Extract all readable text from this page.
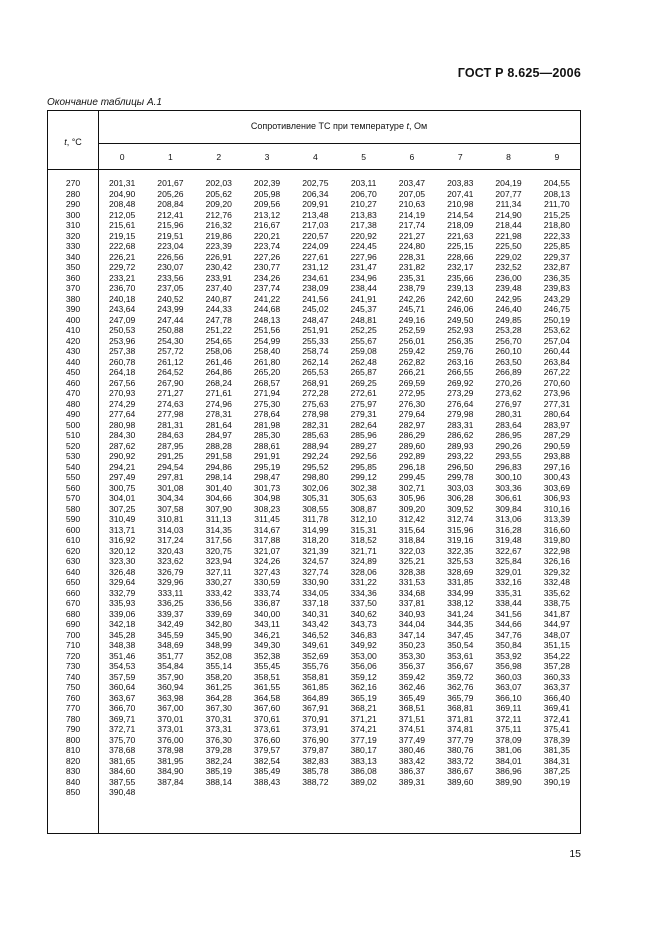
ГОСТ Р 8.625—2006
Окончание таблицы А.1
t, °C
Сопротивление ТС при температуре t, Ом
0	1	2	3	4	5	6	7	8	9
270	201,31	201,67	202,03	202,39	202,75	203,11	203,47	203,83	204,19	204,55
280	204,90	205,26	205,62	205,98	206,34	206,70	207,05	207,41	207,77	208,13
290	208,48	208,84	209,20	209,56	209,91	210,27	210,63	210,98	211,34	211,70
300	212,05	212,41	212,76	213,12	213,48	213,83	214,19	214,54	214,90	215,25
310	215,61	215,96	216,32	216,67	217,03	217,38	217,74	218,09	218,44	218,80
320	219,15	219,51	219,86	220,21	220,57	220,92	221,27	221,63	221,98	222,33
330	222,68	223,04	223,39	223,74	224,09	224,45	224,80	225,15	225,50	225,85
340	226,21	226,56	226,91	227,26	227,61	227,96	228,31	228,66	229,02	229,37
350	229,72	230,07	230,42	230,77	231,12	231,47	231,82	232,17	232,52	232,87
360	233,21	233,56	233,91	234,26	234,61	234,96	235,31	235,66	236,00	236,35
370	236,70	237,05	237,40	237,74	238,09	238,44	238,79	239,13	239,48	239,83
380	240,18	240,52	240,87	241,22	241,56	241,91	242,26	242,60	242,95	243,29
390	243,64	243,99	244,33	244,68	245,02	245,37	245,71	246,06	246,40	246,75
400	247,09	247,44	247,78	248,13	248,47	248,81	249,16	249,50	249,85	250,19
410	250,53	250,88	251,22	251,56	251,91	252,25	252,59	252,93	253,28	253,62
420	253,96	254,30	254,65	254,99	255,33	255,67	256,01	256,35	256,70	257,04
430	257,38	257,72	258,06	258,40	258,74	259,08	259,42	259,76	260,10	260,44
440	260,78	261,12	261,46	261,80	262,14	262,48	262,82	263,16	263,50	263,84
450	264,18	264,52	264,86	265,20	265,53	265,87	266,21	266,55	266,89	267,22
460	267,56	267,90	268,24	268,57	268,91	269,25	269,59	269,92	270,26	270,60
470	270,93	271,27	271,61	271,94	272,28	272,61	272,95	273,29	273,62	273,96
480	274,29	274,63	274,96	275,30	275,63	275,97	276,30	276,64	276,97	277,31
490	277,64	277,98	278,31	278,64	278,98	279,31	279,64	279,98	280,31	280,64
500	280,98	281,31	281,64	281,98	282,31	282,64	282,97	283,31	283,64	283,97
510	284,30	284,63	284,97	285,30	285,63	285,96	286,29	286,62	286,95	287,29
520	287,62	287,95	288,28	288,61	288,94	289,27	289,60	289,93	290,26	290,59
530	290,92	291,25	291,58	291,91	292,24	292,56	292,89	293,22	293,55	293,88
540	294,21	294,54	294,86	295,19	295,52	295,85	296,18	296,50	296,83	297,16
550	297,49	297,81	298,14	298,47	298,80	299,12	299,45	299,78	300,10	300,43
560	300,75	301,08	301,40	301,73	302,06	302,38	302,71	303,03	303,36	303,69
570	304,01	304,34	304,66	304,98	305,31	305,63	305,96	306,28	306,61	306,93
580	307,25	307,58	307,90	308,23	308,55	308,87	309,20	309,52	309,84	310,16
590	310,49	310,81	311,13	311,45	311,78	312,10	312,42	312,74	313,06	313,39
600	313,71	314,03	314,35	314,67	314,99	315,31	315,64	315,96	316,28	316,60
610	316,92	317,24	317,56	317,88	318,20	318,52	318,84	319,16	319,48	319,80
620	320,12	320,43	320,75	321,07	321,39	321,71	322,03	322,35	322,67	322,98
630	323,30	323,62	323,94	324,26	324,57	324,89	325,21	325,53	325,84	326,16
640	326,48	326,79	327,11	327,43	327,74	328,06	328,38	328,69	329,01	329,32
650	329,64	329,96	330,27	330,59	330,90	331,22	331,53	331,85	332,16	332,48
660	332,79	333,11	333,42	333,74	334,05	334,36	334,68	334,99	335,31	335,62
670	335,93	336,25	336,56	336,87	337,18	337,50	337,81	338,12	338,44	338,75
680	339,06	339,37	339,69	340,00	340,31	340,62	340,93	341,24	341,56	341,87
690	342,18	342,49	342,80	343,11	343,42	343,73	344,04	344,35	344,66	344,97
700	345,28	345,59	345,90	346,21	346,52	346,83	347,14	347,45	347,76	348,07
710	348,38	348,69	348,99	349,30	349,61	349,92	350,23	350,54	350,84	351,15
720	351,46	351,77	352,08	352,38	352,69	353,00	353,30	353,61	353,92	354,22
730	354,53	354,84	355,14	355,45	355,76	356,06	356,37	356,67	356,98	357,28
740	357,59	357,90	358,20	358,51	358,81	359,12	359,42	359,72	360,03	360,33
750	360,64	360,94	361,25	361,55	361,85	362,16	362,46	362,76	363,07	363,37
760	363,67	363,98	364,28	364,58	364,89	365,19	365,49	365,79	366,10	366,40
770	366,70	367,00	367,30	367,60	367,91	368,21	368,51	368,81	369,11	369,41
780	369,71	370,01	370,31	370,61	370,91	371,21	371,51	371,81	372,11	372,41
790	372,71	373,01	373,31	373,61	373,91	374,21	374,51	374,81	375,11	375,41
800	375,70	376,00	376,30	376,60	376,90	377,19	377,49	377,79	378,09	378,39
810	378,68	378,98	379,28	379,57	379,87	380,17	380,46	380,76	381,06	381,35
820	381,65	381,95	382,24	382,54	382,83	383,13	383,42	383,72	384,01	384,31
830	384,60	384,90	385,19	385,49	385,78	386,08	386,37	386,67	386,96	387,25
840	387,55	387,84	388,14	388,43	388,72	389,02	389,31	389,60	389,90	390,19
850	390,48
15
